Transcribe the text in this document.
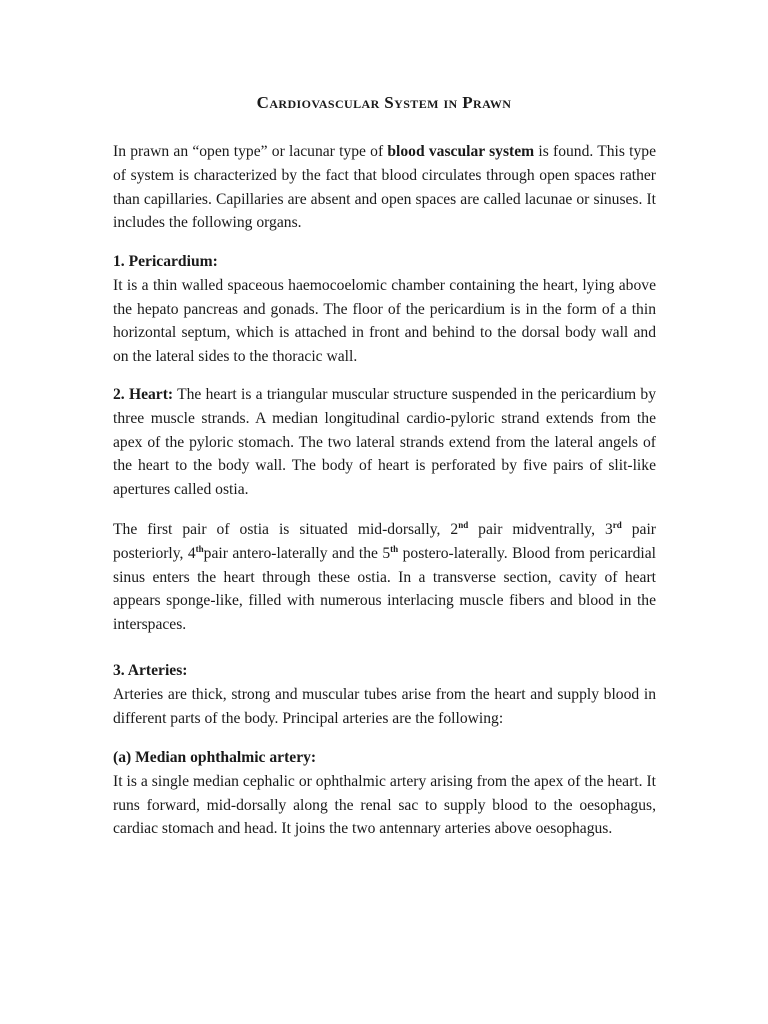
Cardiovascular System in Prawn

In prawn an “open type” or lacunar type of blood vascular system is found. This type of system is characterized by the fact that blood circulates through open spaces rather than capillaries. Capillaries are absent and open spaces are called lacunae or sinuses. It includes the following organs.

1. Pericardium:

It is a thin walled spaceous haemocoelomic chamber containing the heart, lying above the hepato pancreas and gonads. The floor of the pericardium is in the form of a thin horizontal septum, which is attached in front and behind to the dorsal body wall and on the lateral sides to the thoracic wall.

2. Heart: The heart is a triangular muscular structure suspended in the pericardium by three muscle strands. A median longitudinal cardio-pyloric strand extends from the apex of the pyloric stomach. The two lateral strands extend from the lateral angels of the heart to the body wall. The body of heart is perforated by five pairs of slit-like apertures called ostia.

The first pair of ostia is situated mid-dorsally, 2nd pair midventrally, 3rd pair posteriorly, 4thpair antero-laterally and the 5th postero-laterally. Blood from pericardial sinus enters the heart through these ostia. In a transverse section, cavity of heart appears sponge-like, filled with numerous interlacing muscle fibers and blood in the interspaces.

3. Arteries:

Arteries are thick, strong and muscular tubes arise from the heart and supply blood in different parts of the body. Principal arteries are the following:

(a) Median ophthalmic artery:

It is a single median cephalic or ophthalmic artery arising from the apex of the heart. It runs forward, mid-dorsally along the renal sac to supply blood to the oesophagus, cardiac stomach and head. It joins the two antennary arteries above oesophagus.
